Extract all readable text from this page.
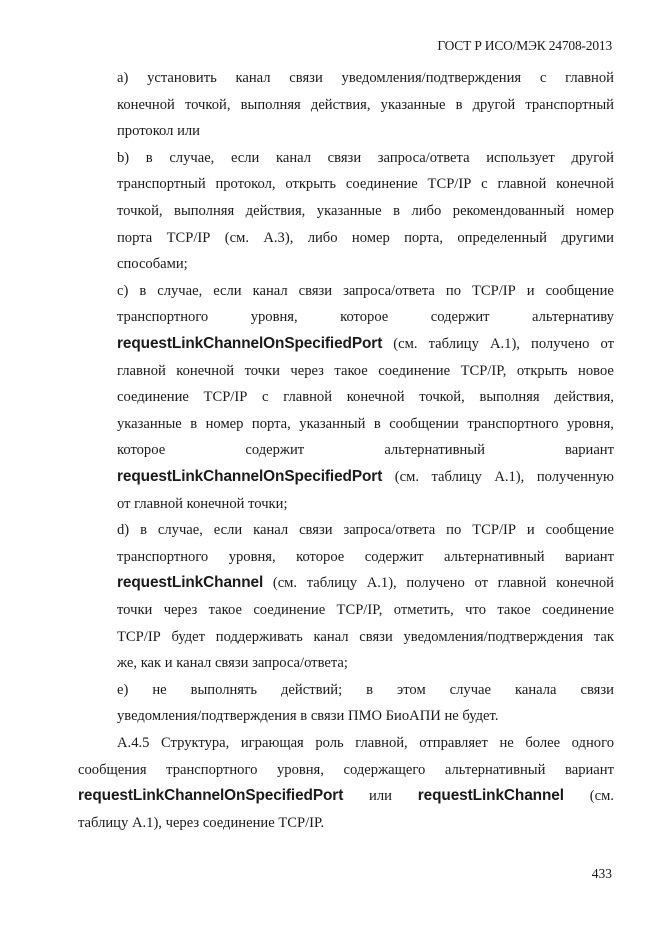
ГОСТ Р ИСО/МЭК 24708-2013
a) установить канал связи уведомления/подтверждения с главной
конечной точкой, выполняя действия, указанные в другой транспортный
протокол или
b) в случае, если канал связи запроса/ответа использует другой
транспортный протокол, открыть соединение TCP/IP с главной конечной
точкой, выполняя действия, указанные в либо рекомендованный номер
порта TCP/IP (см. А.3), либо номер порта, определенный другими
способами;
c) в случае, если канал связи запроса/ответа по TCP/IP и сообщение
транспортного	уровня,	которое	содержит	альтернативу
requestLinkChannelOnSpecifiedPort (см. таблицу А.1), получено от
главной конечной точки через такое соединение TCP/IP, открыть новое
соединение TCP/IP с главной конечной точкой, выполняя действия,
указанные в номер порта, указанный в сообщении транспортного уровня,
которое	содержит	альтернативный	вариант
requestLinkChannelOnSpecifiedPort (см. таблицу А.1), полученную
от главной конечной точки;
d) в случае, если канал связи запроса/ответа по TCP/IP и сообщение
транспортного уровня, которое содержит альтернативный вариант
requestLinkChannel (см. таблицу А.1), получено от главной конечной
точки через такое соединение TCP/IP, отметить, что такое соединение
TCP/IP будет поддерживать канал связи уведомления/подтверждения так
же, как и канал связи запроса/ответа;
e) не выполнять действий; в этом случае канала связи
уведомления/подтверждения в связи ПМО БиоАПИ не будет.
А.4.5 Структура, играющая роль главной, отправляет не более одного
сообщения транспортного уровня, содержащего альтернативный вариант
requestLinkChannelOnSpecifiedPort или requestLinkChannel (см.
таблицу А.1), через соединение TCP/IP.
433
